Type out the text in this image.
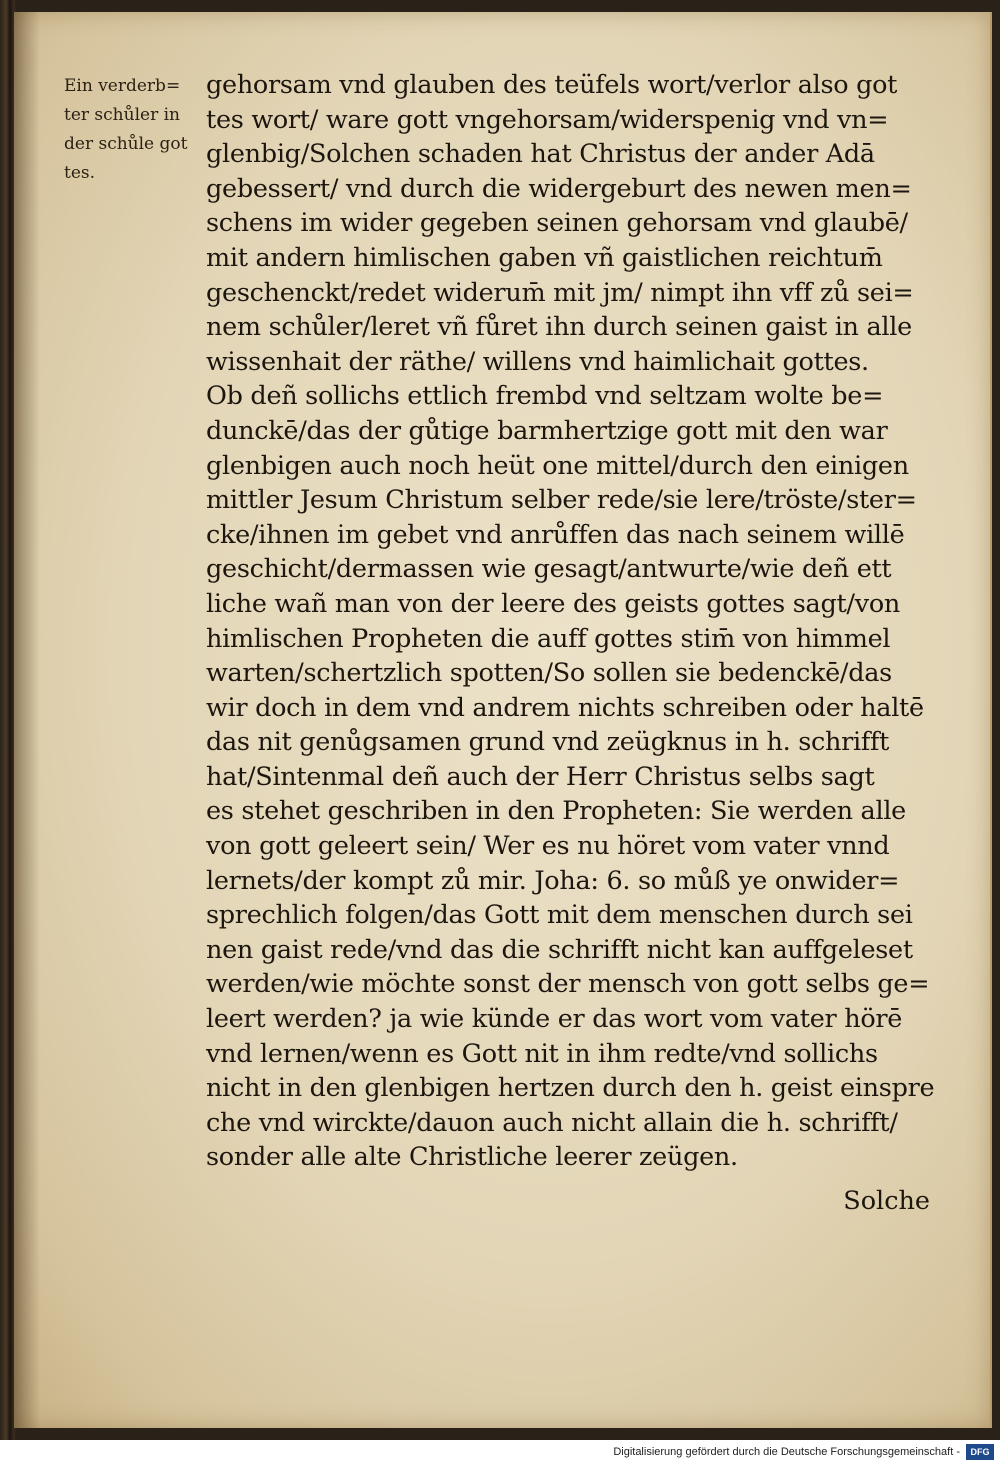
Ein verderb=
ter schůler in
der schůle got
tes.
gehorsam vnd glauben des teüfels wort/verlor also got
tes wort/ ware gott vngehorsam/widerspenig vnd vn=
glenbig/Solchen schaden hat Christus der ander Adā
gebessert/ vnd durch die widergeburt des newen men=
schens im wider gegeben seinen gehorsam vnd glaubē/
mit andern himlischen gaben vñ gaistlichen reichtum̄
geschenckt/redet widerum̄ mit jm/ nimpt ihn vff zů sei=
nem schůler/leret vñ fůret ihn durch seinen gaist in alle
wissenhait der räthe/ willens vnd haimlichait gottes.
Ob deñ sollichs ettlich frembd vnd seltzam wolte be=
dunckē/das der gůtige barmhertzige gott mit den war
glenbigen auch noch heüt one mittel/durch den einigen
mittler Jesum Christum selber rede/sie lere/tröste/ster=
cke/ihnen im gebet vnd anrůffen das nach seinem willē
geschicht/dermassen wie gesagt/antwurte/wie deñ ett
liche wañ man von der leere des geists gottes sagt/von
himlischen Propheten die auff gottes stim̄ von himmel
warten/schertzlich spotten/So sollen sie bedenckē/das
wir doch in dem vnd andrem nichts schreiben oder haltē
das nit genůgsamen grund vnd zeügknus in h. schrifft
hat/Sintenmal deñ auch der Herr Christus selbs sagt
es stehet geschriben in den Propheten: Sie werden alle
von gott geleert sein/ Wer es nu höret vom vater vnnd
lernets/der kompt zů mir. Joha: 6. so můß ye onwider=
sprechlich folgen/das Gott mit dem menschen durch sei
nen gaist rede/vnd das die schrifft nicht kan auffgeleset
werden/wie möchte sonst der mensch von gott selbs ge=
leert werden? ja wie künde er das wort vom vater hörē
vnd lernen/wenn es Gott nit in ihm redte/vnd sollichs
nicht in den glenbigen hertzen durch den h. geist einspre
che vnd wirckte/dauon auch nicht allain die h. schrifft/
sonder alle alte Christliche leerer zeügen.
Solche
Digitalisierung gefördert durch die Deutsche Forschungsgemeinschaft -	DFG
